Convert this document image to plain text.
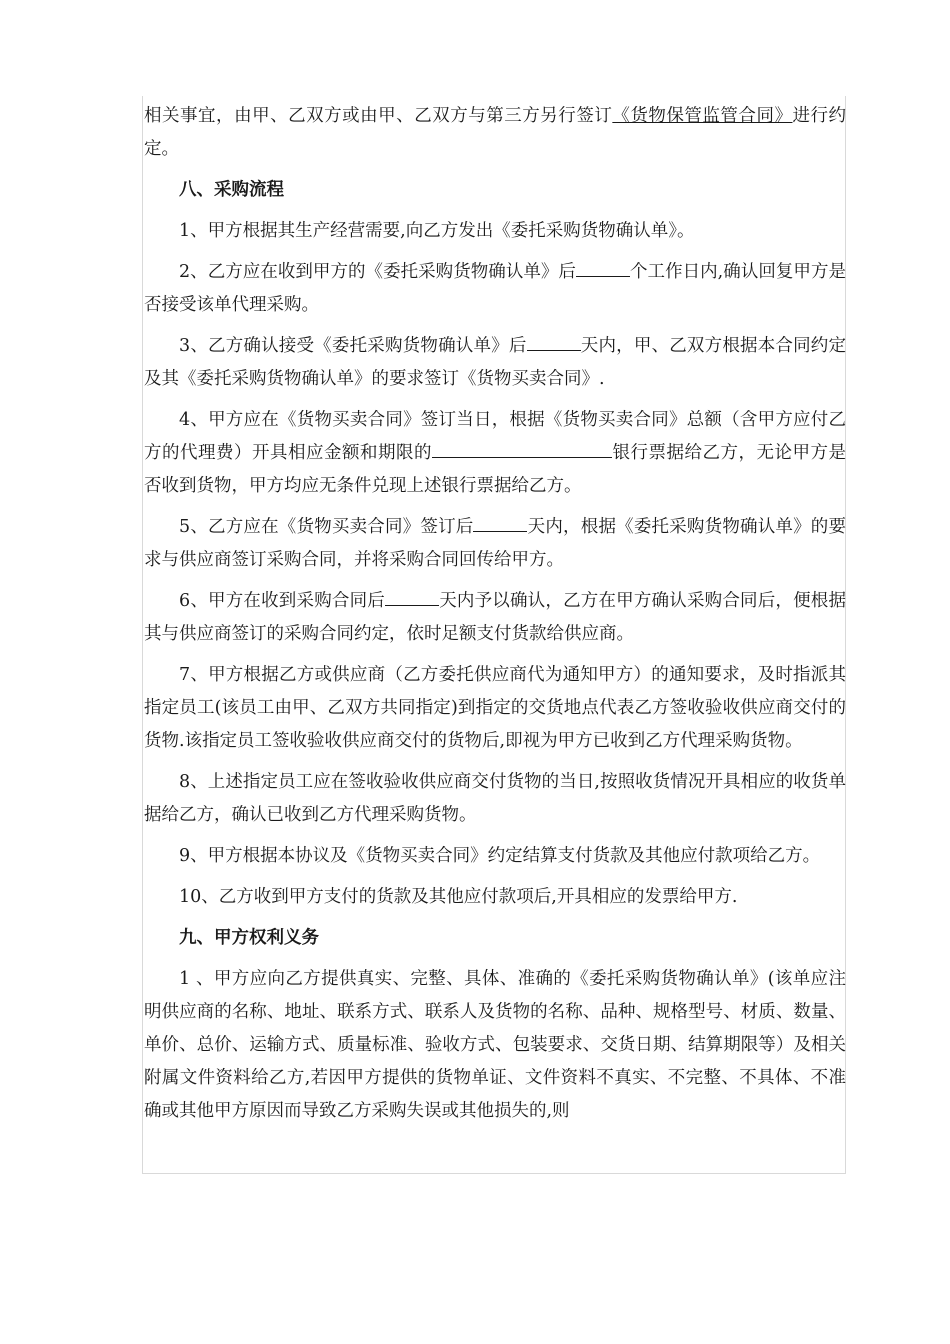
相关事宜，由甲、乙双方或由甲、乙双方与第三方另行签订《货物保管监管合同》进行约定。

八、采购流程

1、甲方根据其生产经营需要,向乙方发出《委托采购货物确认单》。

2、乙方应在收到甲方的《委托采购货物确认单》后	个工作日内,确认回复甲方是否接受该单代理采购。

3、乙方确认接受《委托采购货物确认单》后	天内，甲、乙双方根据本合同约定及其《委托采购货物确认单》的要求签订《货物买卖合同》.

4、甲方应在《货物买卖合同》签订当日，根据《货物买卖合同》总额（含甲方应付乙方的代理费）开具相应金额和期限的	银行票据给乙方，无论甲方是否收到货物，甲方均应无条件兑现上述银行票据给乙方。

5、乙方应在《货物买卖合同》签订后	天内，根据《委托采购货物确认单》的要求与供应商签订采购合同，并将采购合同回传给甲方。

6、甲方在收到采购合同后	天内予以确认，乙方在甲方确认采购合同后，便根据其与供应商签订的采购合同约定，依时足额支付货款给供应商。

7、甲方根据乙方或供应商（乙方委托供应商代为通知甲方）的通知要求，及时指派其指定员工(该员工由甲、乙双方共同指定)到指定的交货地点代表乙方签收验收供应商交付的货物.该指定员工签收验收供应商交付的货物后,即视为甲方已收到乙方代理采购货物。

8、上述指定员工应在签收验收供应商交付货物的当日,按照收货情况开具相应的收货单据给乙方，确认已收到乙方代理采购货物。

9、甲方根据本协议及《货物买卖合同》约定结算支付货款及其他应付款项给乙方。

10、乙方收到甲方支付的货款及其他应付款项后,开具相应的发票给甲方.

九、甲方权利义务

1 、甲方应向乙方提供真实、完整、具体、准确的《委托采购货物确认单》(该单应注明供应商的名称、地址、联系方式、联系人及货物的名称、品种、规格型号、材质、数量、单价、总价、运输方式、质量标准、验收方式、包装要求、交货日期、结算期限等）及相关附属文件资料给乙方,若因甲方提供的货物单证、文件资料不真实、不完整、不具体、不准确或其他甲方原因而导致乙方采购失误或其他损失的,则
